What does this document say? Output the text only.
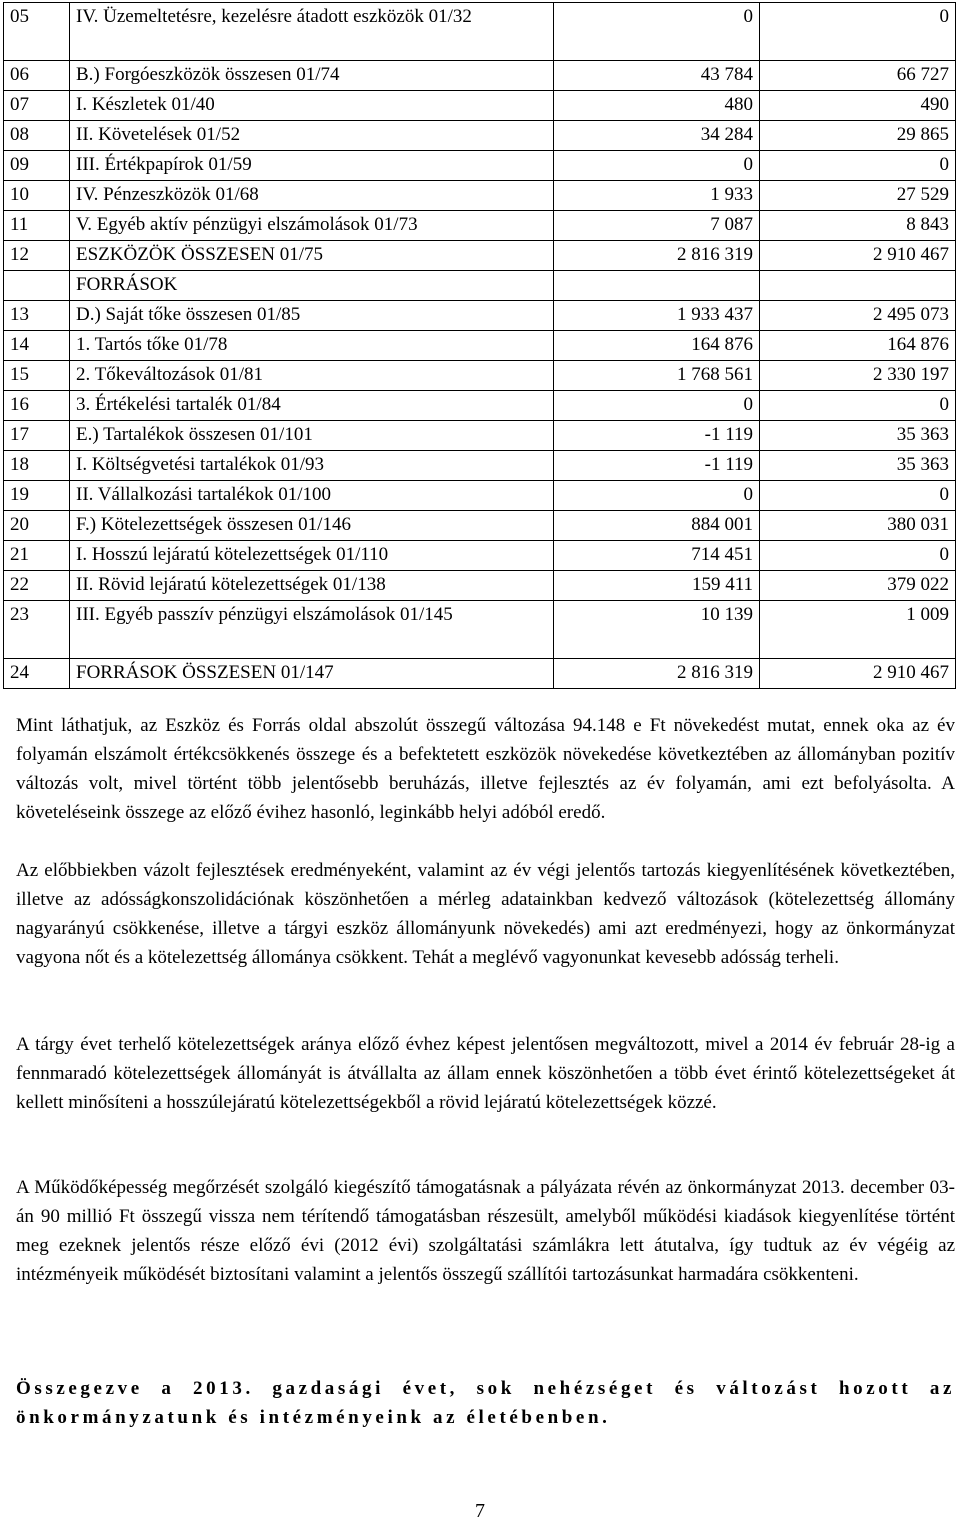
05	IV. Üzemeltetésre, kezelésre átadott eszközök 01/32	0	0
06	B.) Forgóeszközök összesen 01/74	43 784	66 727
07	I. Készletek 01/40	480	490
08	II. Követelések 01/52	34 284	29 865
09	III. Értékpapírok 01/59	0	0
10	IV. Pénzeszközök 01/68	1 933	27 529
11	V. Egyéb aktív pénzügyi elszámolások 01/73	7 087	8 843
12	ESZKÖZÖK ÖSSZESEN 01/75	2 816 319	2 910 467
	FORRÁSOK		
13	D.) Saját tőke összesen 01/85	1 933 437	2 495 073
14	1. Tartós tőke 01/78	164 876	164 876
15	2. Tőkeváltozások 01/81	1 768 561	2 330 197
16	3. Értékelési tartalék 01/84	0	0
17	E.) Tartalékok összesen 01/101	-1 119	35 363
18	I. Költségvetési tartalékok 01/93	-1 119	35 363
19	II. Vállalkozási tartalékok 01/100	0	0
20	F.) Kötelezettségek összesen 01/146	884 001	380 031
21	I. Hosszú lejáratú kötelezettségek 01/110	714 451	0
22	II. Rövid lejáratú kötelezettségek 01/138	159 411	379 022
23	III. Egyéb passzív pénzügyi elszámolások 01/145	10 139	1 009
24	FORRÁSOK ÖSSZESEN 01/147	2 816 319	2 910 467

Mint láthatjuk, az Eszköz és Forrás oldal abszolút összegű változása 94.148 e Ft növekedést mutat, ennek oka az év folyamán elszámolt értékcsökkenés összege és a befektetett eszközök növekedése következtében az állományban pozitív változás volt, mivel történt több jelentősebb beruházás, illetve fejlesztés az év folyamán, ami ezt befolyásolta. A követeléseink összege az előző évihez hasonló, leginkább helyi adóból eredő.

Az előbbiekben vázolt fejlesztések eredményeként, valamint az év végi jelentős tartozás kiegyenlítésének következtében, illetve az adósságkonszolidációnak köszönhetően a mérleg adatainkban kedvező változások (kötelezettség állomány nagyarányú csökkenése, illetve a tárgyi eszköz állományunk növekedés) ami azt eredményezi, hogy az önkormányzat vagyona nőt és a kötelezettség állománya csökkent. Tehát a meglévő vagyonunkat kevesebb adósság terheli.

A tárgy évet terhelő kötelezettségek aránya előző évhez képest jelentősen megváltozott, mivel a 2014 év február 28-ig a fennmaradó kötelezettségek állományát is átvállalta az állam ennek köszönhetően a több évet érintő kötelezettségeket át kellett minősíteni a hosszúlejáratú kötelezettségekből a rövid lejáratú kötelezettségek közzé.

A Működőképesség megőrzését szolgáló kiegészítő támogatásnak a pályázata révén az önkormányzat 2013. december 03-án 90 millió Ft összegű vissza nem térítendő támogatásban részesült, amelyből működési kiadások kiegyenlítése történt meg ezeknek jelentős része előző évi (2012 évi) szolgáltatási számlákra lett átutalva, így tudtuk az év végéig az intézményeik működését biztosítani valamint a jelentős összegű szállítói tartozásunkat harmadára csökkenteni.

Összegezve a 2013. gazdasági évet, sok nehézséget és változást hozott az önkormányzatunk és intézményeink az életébenben.

7
